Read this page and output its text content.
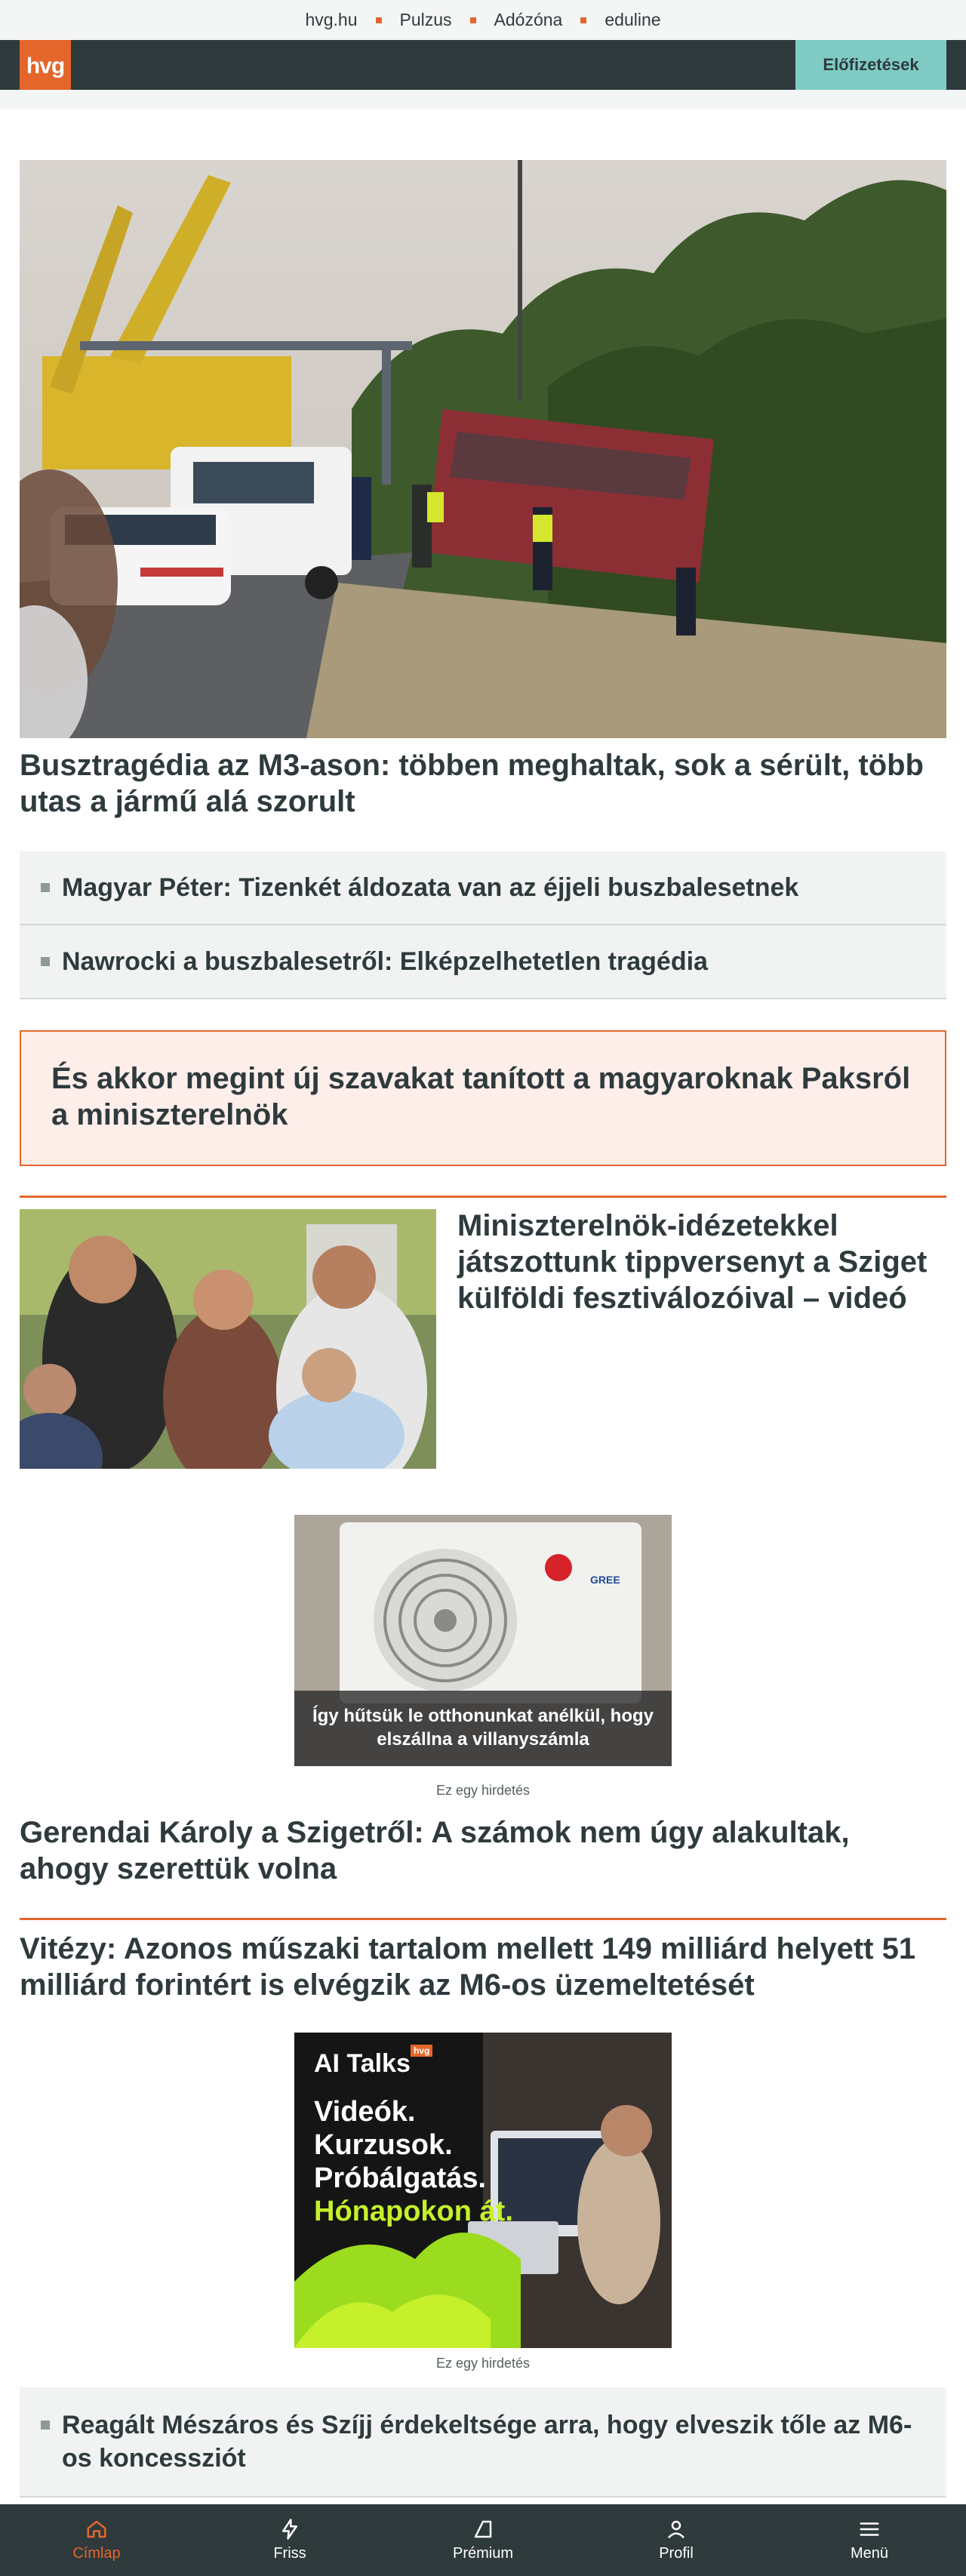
hvg.hu Pulzus Adózóna eduline
hvg	Előfizetések
Busztragédia az M3-ason: többen meghaltak, sok a sérült, több utas a jármű alá szorult
Magyar Péter: Tizenkét áldozata van az éjjeli buszbalesetnek
Nawrocki a buszbalesetről: Elképzelhetetlen tragédia
És akkor megint új szavakat tanított a magyaroknak Paksról a miniszterelnök
Miniszterelnök-idézetekkel játszottunk tippversenyt a Sziget külföldi fesztiválozóival – videó
GREE
Így hűtsük le otthonunkat anélkül, hogy elszállna a villanyszámla
Ez egy hirdetés
Gerendai Károly a Szigetről: A számok nem úgy alakultak, ahogy szerettük volna
Vitézy: Azonos műszaki tartalom mellett 149 milliárd helyett 51 milliárd forintért is elvégzik az M6-os üzemeltetését
AI Talks hvg
Videók.
Kurzusok.
Próbálgatás.
Hónapokon át.
Ez egy hirdetés
Reagált Mészáros és Szíjj érdekeltsége arra, hogy elveszik tőle az M6-os koncessziót
Címlap	Friss	Prémium	Profil	Menü
